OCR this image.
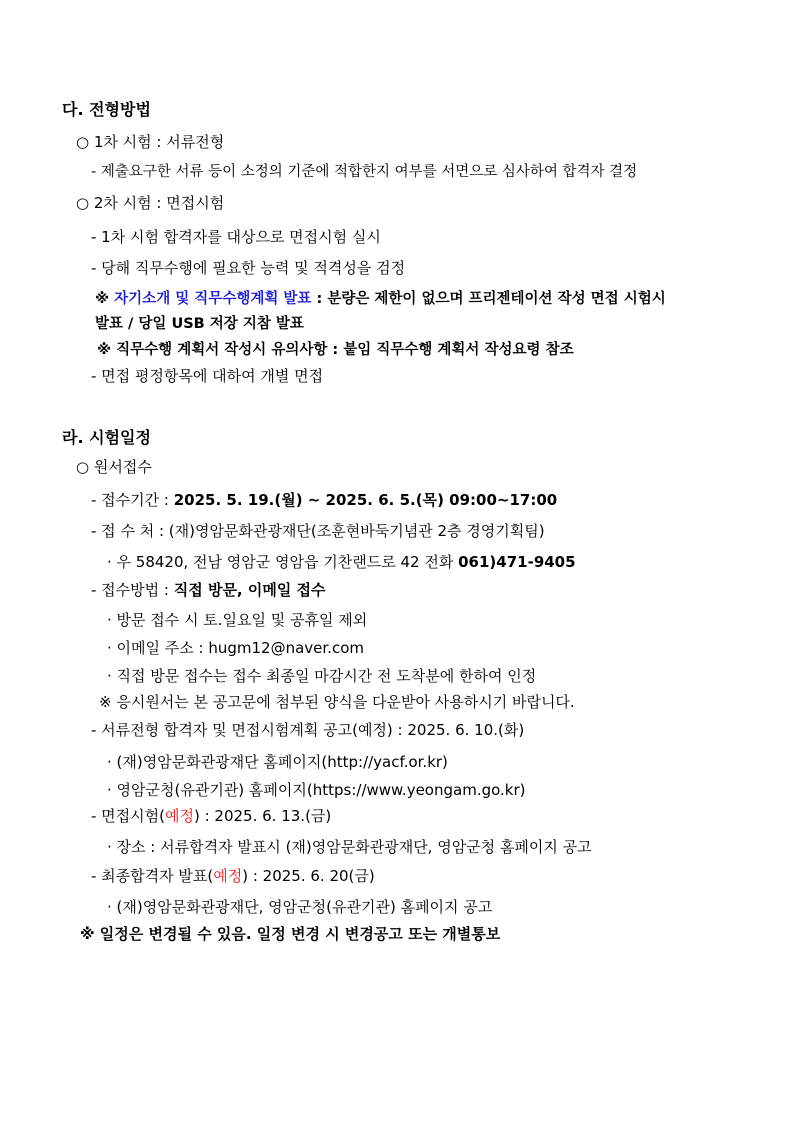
다. 전형방법
○ 1차 시험 : 서류전형
- 제출요구한 서류 등이 소정의 기준에 적합한지 여부를 서면으로 심사하여 합격자 결정
○ 2차 시험 : 면접시험
- 1차 시험 합격자를 대상으로 면접시험 실시
- 당해 직무수행에 필요한 능력 및 적격성을 검정
※ 자기소개 및 직무수행계획 발표 : 분량은 제한이 없으며 프리젠테이션 작성 면접 시험시
발표 / 당일 USB 저장 지참 발표
※ 직무수행 계획서 작성시 유의사항 : 붙임 직무수행 계획서 작성요령 참조
- 면접 평정항목에 대하여 개별 면접
라. 시험일정
○ 원서접수
- 접수기간 : 2025. 5. 19.(월) ~ 2025. 6. 5.(목) 09:00~17:00
- 접 수 처 : (재)영암문화관광재단(조훈현바둑기념관 2층 경영기획팀)
· 우 58420, 전남 영암군 영암읍 기찬랜드로 42 전화 061)471-9405
- 접수방법 : 직접 방문, 이메일 접수
· 방문 접수 시 토.일요일 및 공휴일 제외
· 이메일 주소 : hugm12@naver.com
· 직접 방문 접수는 접수 최종일 마감시간 전 도착분에 한하여 인정
※ 응시원서는 본 공고문에 첨부된 양식을 다운받아 사용하시기 바랍니다.
- 서류전형 합격자 및 면접시험계획 공고(예정) : 2025. 6. 10.(화)
· (재)영암문화관광재단 홈페이지(http://yacf.or.kr)
· 영암군청(유관기관) 홈페이지(https://www.yeongam.go.kr)
- 면접시험(예정) : 2025. 6. 13.(금)
· 장소 : 서류합격자 발표시 (재)영암문화관광재단, 영암군청 홈페이지 공고
- 최종합격자 발표(예정) : 2025. 6. 20(금)
· (재)영암문화관광재단, 영암군청(유관기관) 홈페이지 공고
※ 일정은 변경될 수 있음. 일정 변경 시 변경공고 또는 개별통보
